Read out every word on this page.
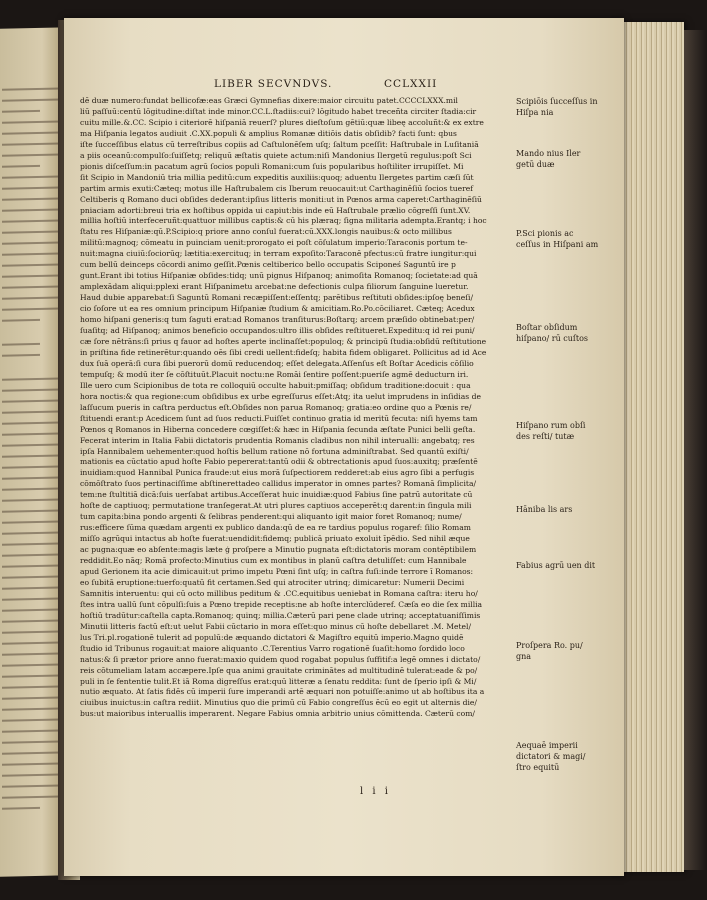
LIBER SECVNDVS.	CCLXXII
dē duæ numero:fundat bellicofæ:eas Græci Gymnefias dixere:maior circuitu patet.CCCCLXXX.mil
liū paſſuū:centū lōgitudine:diſtat inde minor.CC.L.ſtadiis:cui? lōgitudo habet treceñta circiter ſtadia:cir
cuitu mille.&.CC. Scipio i citeriorē hiſpaniā reuerſ? plures dieſtoſum gētiū:quæ libeę accoluñt:& ex extre
ma Hiſpania legatos audiuit .C.XX.populi & amplius Romanæ ditiōis datis obſidib? facti ſunt: qbus
iſte ſucceſſibus elatus cū terreſtribus copiis ad Caſtulonēſem uſq; ſaltum pceſſit: Haſtrubale in Luſitaniā
a piis oceanū:compulſo:ſuiſſetq; reliquū æſtatis quiete actum:niſi Mandonius Ilergetū regulus:poſt Sci
pionis diſceſſum:in pacatum agrū ſocios populi Romani:cum ſuis popularibus hoſtiliter irrupiſſet. Mi
ſit Scipio in Mandoniū tria millia peditū:cum expeditis auxiliis:quoq; aduentu Ilergetes partim cæſi ſūt
partim armis exuti:Cæteq; motus ille Haſtrubalem cis Iberum reuocauit:ut Carthaginēſiū ſocios tueref
Celtiberis q Romano duci obſides dederant:ipſius litteris moniti:ut in Pœnos arma caperet:Carthaginēſiū
pniaciam adorti:breui tria ex hoſtibus oppida ui capiut:bis inde eū Haſtrubale prælio cōgreſſi ſunt.XV.
millia hoſtiū interfeceruñt:quattuor millibus captis:& cū his plæraq; ſigna militaria adempta.Erantq; i hoc
ſtatu res Hiſpaniæ:qū.P.Scipio:q priore anno conſul fuerat:cū.XXX.longis nauibus:& octo millibus
militū:magnoq; cōmeatu in puinciam uenit:prorogato ei poſt cōſulatum imperio:Taraconis portum te-
nuit:magna ciuiū:ſociorūq; lætitia:exercituq; in terram expoſito:Taraconē pfectus:cū fratre iungitur:qui
cum bellū deinceps cōcordi animo geſſit.Pœnis celtiberico bello occupatis Sciponeś Saguntū ire p
gunt.Erant ibi totius Hiſpaniæ obſides:tidq; unū pignus Hiſpanoq; animoſita Romanoq; ſocietate:ad quā
amplexādam aliqui:pplexi erant Hiſpanimetu arcebat:ne defectionis culpa filiorum ſanguine lueretur.
Haud dubie apparebat:ſi Saguntū Romani recæpiſſent:eſſentq; parētibus reſtituti obſides:ipſoę beneſi/
cio ſoſore ut ea res omnium principum Hiſpaniæ ſtudium & amicitiam.Ro.Po.cōciliaret. Cæteq; Acedux
homo hiſpani generis:q tum ſaguti erat:ad Romanos tranſiturus:Boſtarq; arcem præſido obtinebat:per/
ſuaſitq; ad Hiſpanoq; animos beneficio occupandos:ultro illis obſides reſtitueret.Expeditu:q id rei puni/
cæ ſore nētrāns:ſi prius q fauor ad hoſtes aperte inclinaſſet:populoq; & principū ſtudia:obſidū reſtitutione
in priſtina fide retinerētur:quando oēs ſibi credi uellent:fideſq; habita fidem obligaret. Pollicitus ad id Ace
dux ſuā operā:ſi cura ſibi puerorū domū reducendoq; eſſet delegata.Aſſenſus eſt Boſtar Acedicis cōſilio
tempuſq; & modū iter ſe cōſtituūt.Placuit noctu:ne Romāi ſentire poſſent:pueriſe agmē deducturn iri.
Ille uero cum Scipionibus de tota re colloquiū occulte habuit:pmiſſaq; obſidum traditione:docuit : qua
hora noctis:& qua regione:cum obſidibus ex urbe egreſſurus eſſet:Atq; ita uelut imprudens in inſidias de
laſſucum pueris in caſtra perductus eſt.Obſides non parua Romanoq; gratia:eo ordine quo a Pœnis re/
ſtituendi erant:p Acedicem ſunt ad ſuos reducti.Fuiſſet continuo gratia id meritū fecuta: niſi hyems tam
Pœnos q Romanos in Hiberna concedere cœgiſſet:& hæc in Hiſpania ſecunda æſtate Punici belli geſta.
Fecerat interim in Italia Fabii dictatoris prudentia Romanis cladibus non nihil interualli: angebatq; res
ipſa Hannibalem uehementer:quod hoſtis bellum ratione nō fortuna adminiſtrabat. Sed quantū exiſti/
mationis ea cūctatio apud hoſte Fabio pepererat:tantū odii & obtrectationis apud ſuos:auxitq; præſentē
inuidiam:quod Hannibal Punica fraude:ut eius morā ſuſpectiorem redderet:ab eius agro ſibi a perfugis
cōmōſtrato ſuos pertinaciſſime abſtinerettadeo callidus imperator in omnes partes? Romanā ſimplicita/
tem:ne ſtultitiā dicā:ſuis uerſabat artibus.Acceſſerat huic inuidiæ:quod Fabius ſine patrū autoritate cū
hoſte de captiuoq; permutatione tranſegerat.At utri plures captiuos acceperēt:q darent:in ſingula mili
tum capita:bina pondo argenti & ſelibras penderent:qui aliquanto igit maior foret Romanoq; nume/
rus:efficere ſūma quædam argenti ex publico danda:qū de ea re tardius populus rogaref: ſilio Romam
miſſo agrūqui intactus ab hoſte fuerat:uendidit:fidemq; publicā priuato exoluit īpēdio. Sed nihil æque
ac pugna:quæ eo abſente:magis læte ģ proſpere a Minutio pugnata eſt:dictatoris moram contēptibilem
reddidit.Eo nāq; Romā profecto:Minutius cum ex montibus in planū caſtra detuliſſet: cum Hannibale
apud Gerionem ita acie dimicauit:ut primo impetu Pœni ſint uſq; in caſtra fuſi:inde terrore ī Romanos:
eo ſubitā eruptione:tuerfo:quatū fit certamen.Sed qui atrociter utrinq; dimicaretur: Numerii Decimi
Samnitis interuentu: qui cū octo millibus peditum & .CC.equitibus ueniebat in Romana caſtra: iteru ho/
ſtes intra uallū ſunt cōpulſi:ſuis a Pœno trepide receptis:ne ab hoſte interclūderef. Cæſa eo die ſex millia
hoſtiū tradūtur:caſtella capta.Romanoq; quinq; millia.Cæterū pari pene clade utrinq; acceptatuaniſſimis
Minutii litteris factū eſt:ut uelut Fabii cūctario in mora eſſet:quo minus cū hoſte debellaret .M. Metel/
lus Tri.pl.rogationē tulerit ad populū:de æquando dictatori & Magiſtro equitū imperio.Magno quidē
ſtudio id Tribunus rogauit:at maiore aliquanto .C.Terentius Varro rogationē ſuaſit:homo ſordido loco
natus:& ſi prætor priore anno fuerat:maxio quidem quod rogabat populus ſuffitif:a legē omnes i dictato/
reis cōtumeliam latam accæpere.Ipſe qua animi grauitate criminātes ad multitudinē tulerat:eade & po/
puli in ſe fententie tulit.Et iā Roma digreſſus erat:quū litteræ a ſenatu reddita: ſunt de ſperio ipſi & Mi/
nutio æquato. At ſatis fidēs cū imperii ſure imperandi artē æquari non potuiſſe:animo ut ab hoſtibus ita a
ciuibus inuictus:in caſtra rediit. Minutius quo die primū cū Fabio congreſſus ēcū eo egit ut alternis die/
bus:ut maioribus interuallis imperarent. Negare Fabius omnia arbitrio unius cōmittenda. Cæterū com/
l i i
Scipiōis ſucceſſus in Hiſpa nia
Mando nius Iler getū duæ
P.Sci pionis ac ceſſus in Hiſpani am
Boſtar obſidum hiſpano/ rū cuſtos
Hiſpano rum obſi des reſti/ tutæ
Hāniba lis ars
Fabius agrū uen dit
Proſpera Ro. pu/ gna
Aequaē imperii dictatori & magi/ ſtro equitū
